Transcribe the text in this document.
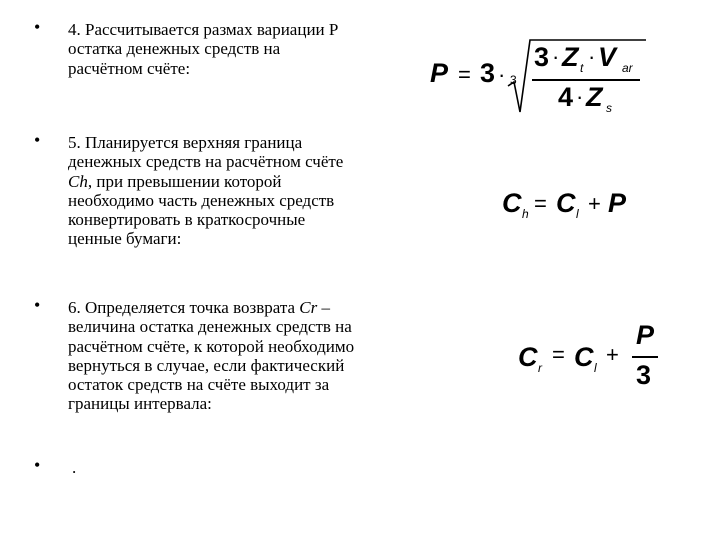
•
•
•
•
4. Рассчитывается размах вариации Р остатка денежных средств на расчётном счёте:
5. Планируется верхняя граница денежных средств на расчётном счёте Ch, при превышении которой необходимо часть денежных средств конвертировать в краткосрочные ценные бумаги:
6. Определяется точка возврата Cr – величина остатка денежных средств на расчётном счёте, к которой необходимо вернуться в случае, если фактический остаток средств на счёте выходит за границы интервала:
.
P = 3 · 3
3 · Z t · V ar
4 · Z s
C h = C l + P
C r
= C l
+
P
3
